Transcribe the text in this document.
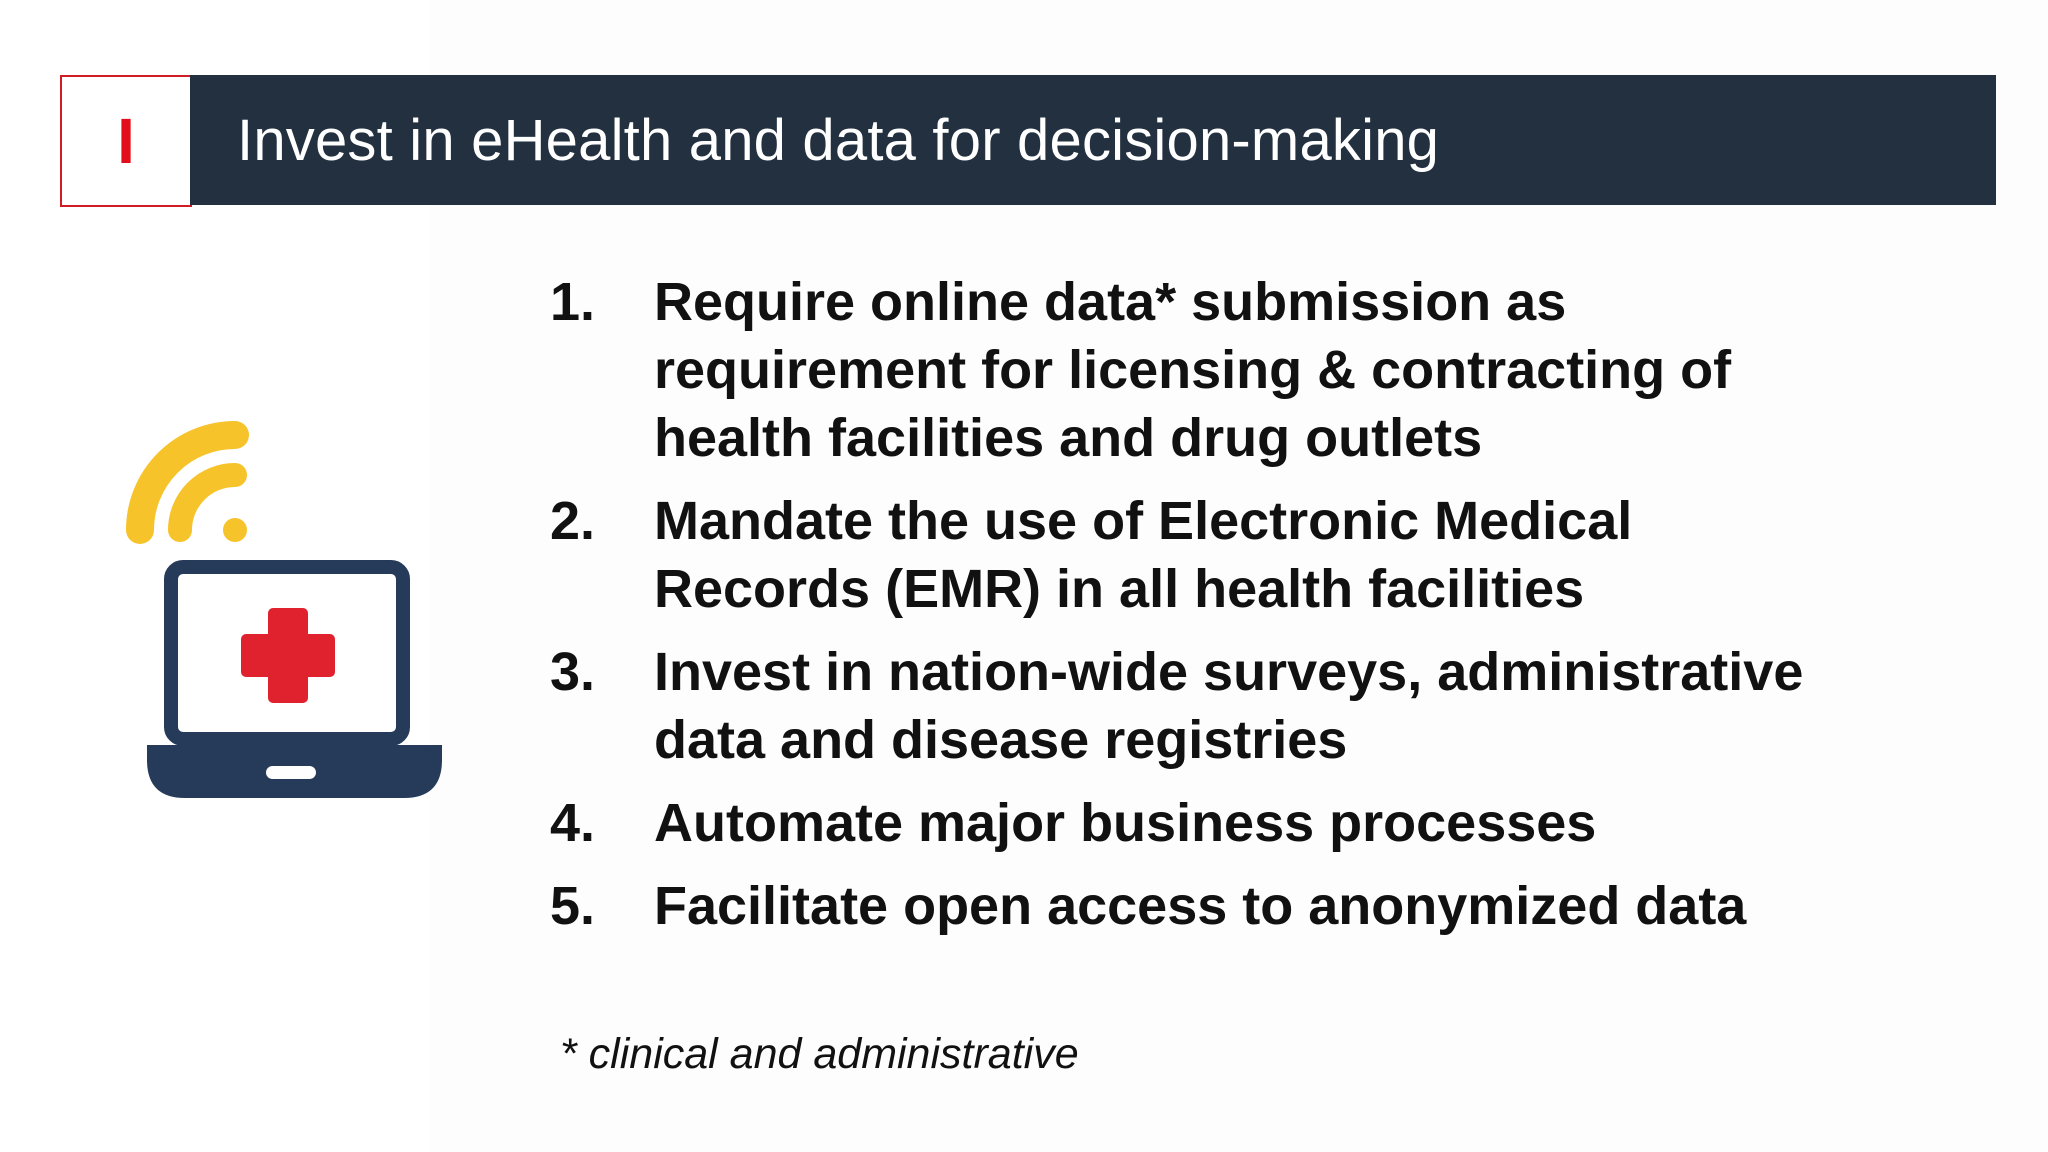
I Invest in eHealth and data for decision-making
1.	Require online data* submission as
requirement for licensing & contracting of
health facilities and drug outlets
2.	Mandate the use of Electronic Medical
Records (EMR) in all health facilities
3.	Invest in nation-wide surveys, administrative
data and disease registries
4.	Automate major business processes
5.	Facilitate open access to anonymized data
* clinical and administrative
